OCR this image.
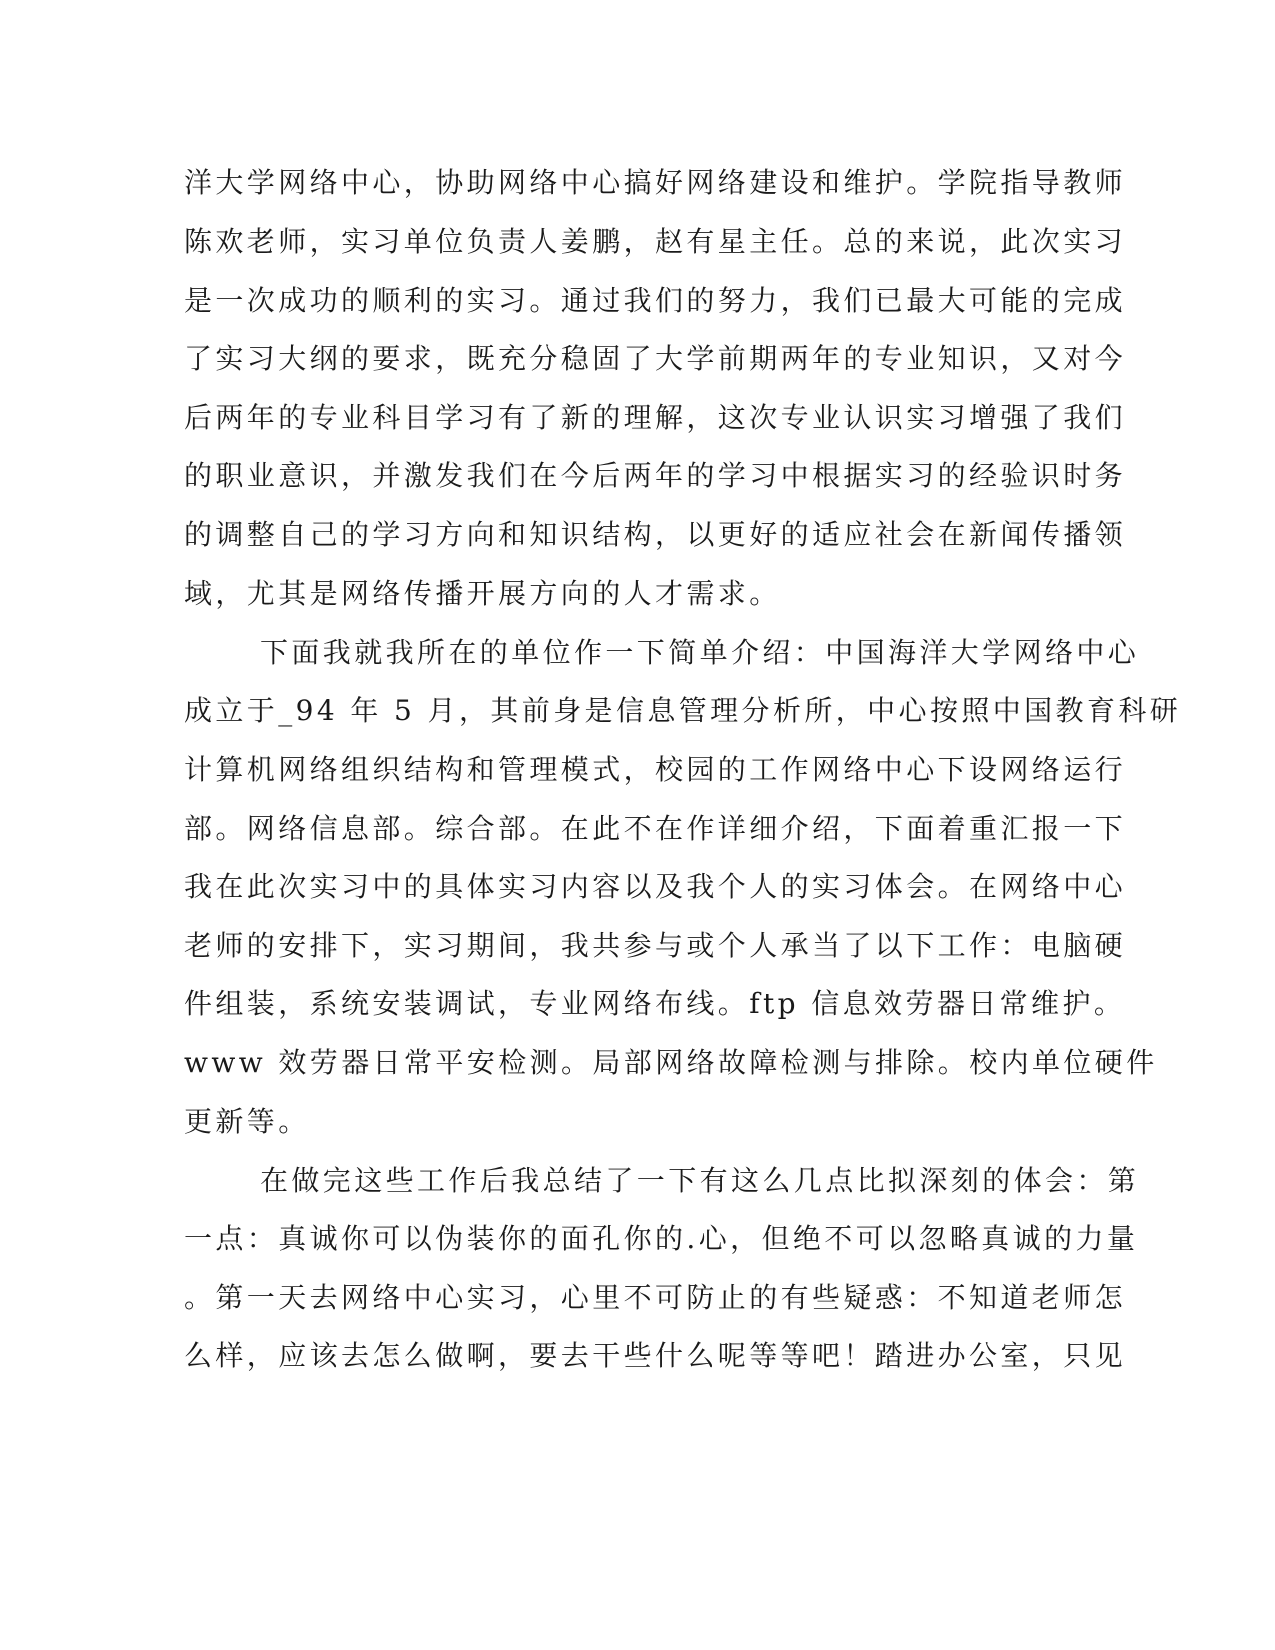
洋大学网络中心，协助网络中心搞好网络建设和维护。学院指导教师
陈欢老师，实习单位负责人姜鹏，赵有星主任。总的来说，此次实习
是一次成功的顺利的实习。通过我们的努力，我们已最大可能的完成
了实习大纲的要求，既充分稳固了大学前期两年的专业知识，又对今
后两年的专业科目学习有了新的理解，这次专业认识实习增强了我们
的职业意识，并激发我们在今后两年的学习中根据实习的经验识时务
的调整自己的学习方向和知识结构，以更好的适应社会在新闻传播领
域，尤其是网络传播开展方向的人才需求。
下面我就我所在的单位作一下简单介绍：中国海洋大学网络中心
成立于_94 年 5 月，其前身是信息管理分析所，中心按照中国教育科研
计算机网络组织结构和管理模式，校园的工作网络中心下设网络运行
部。网络信息部。综合部。在此不在作详细介绍，下面着重汇报一下
我在此次实习中的具体实习内容以及我个人的实习体会。在网络中心
老师的安排下，实习期间，我共参与或个人承当了以下工作：电脑硬
件组装，系统安装调试，专业网络布线。ftp 信息效劳器日常维护。
www 效劳器日常平安检测。局部网络故障检测与排除。校内单位硬件
更新等。
在做完这些工作后我总结了一下有这么几点比拟深刻的体会：第
一点：真诚你可以伪装你的面孔你的.心，但绝不可以忽略真诚的力量
。第一天去网络中心实习，心里不可防止的有些疑惑：不知道老师怎
么样，应该去怎么做啊，要去干些什么呢等等吧！踏进办公室，只见
